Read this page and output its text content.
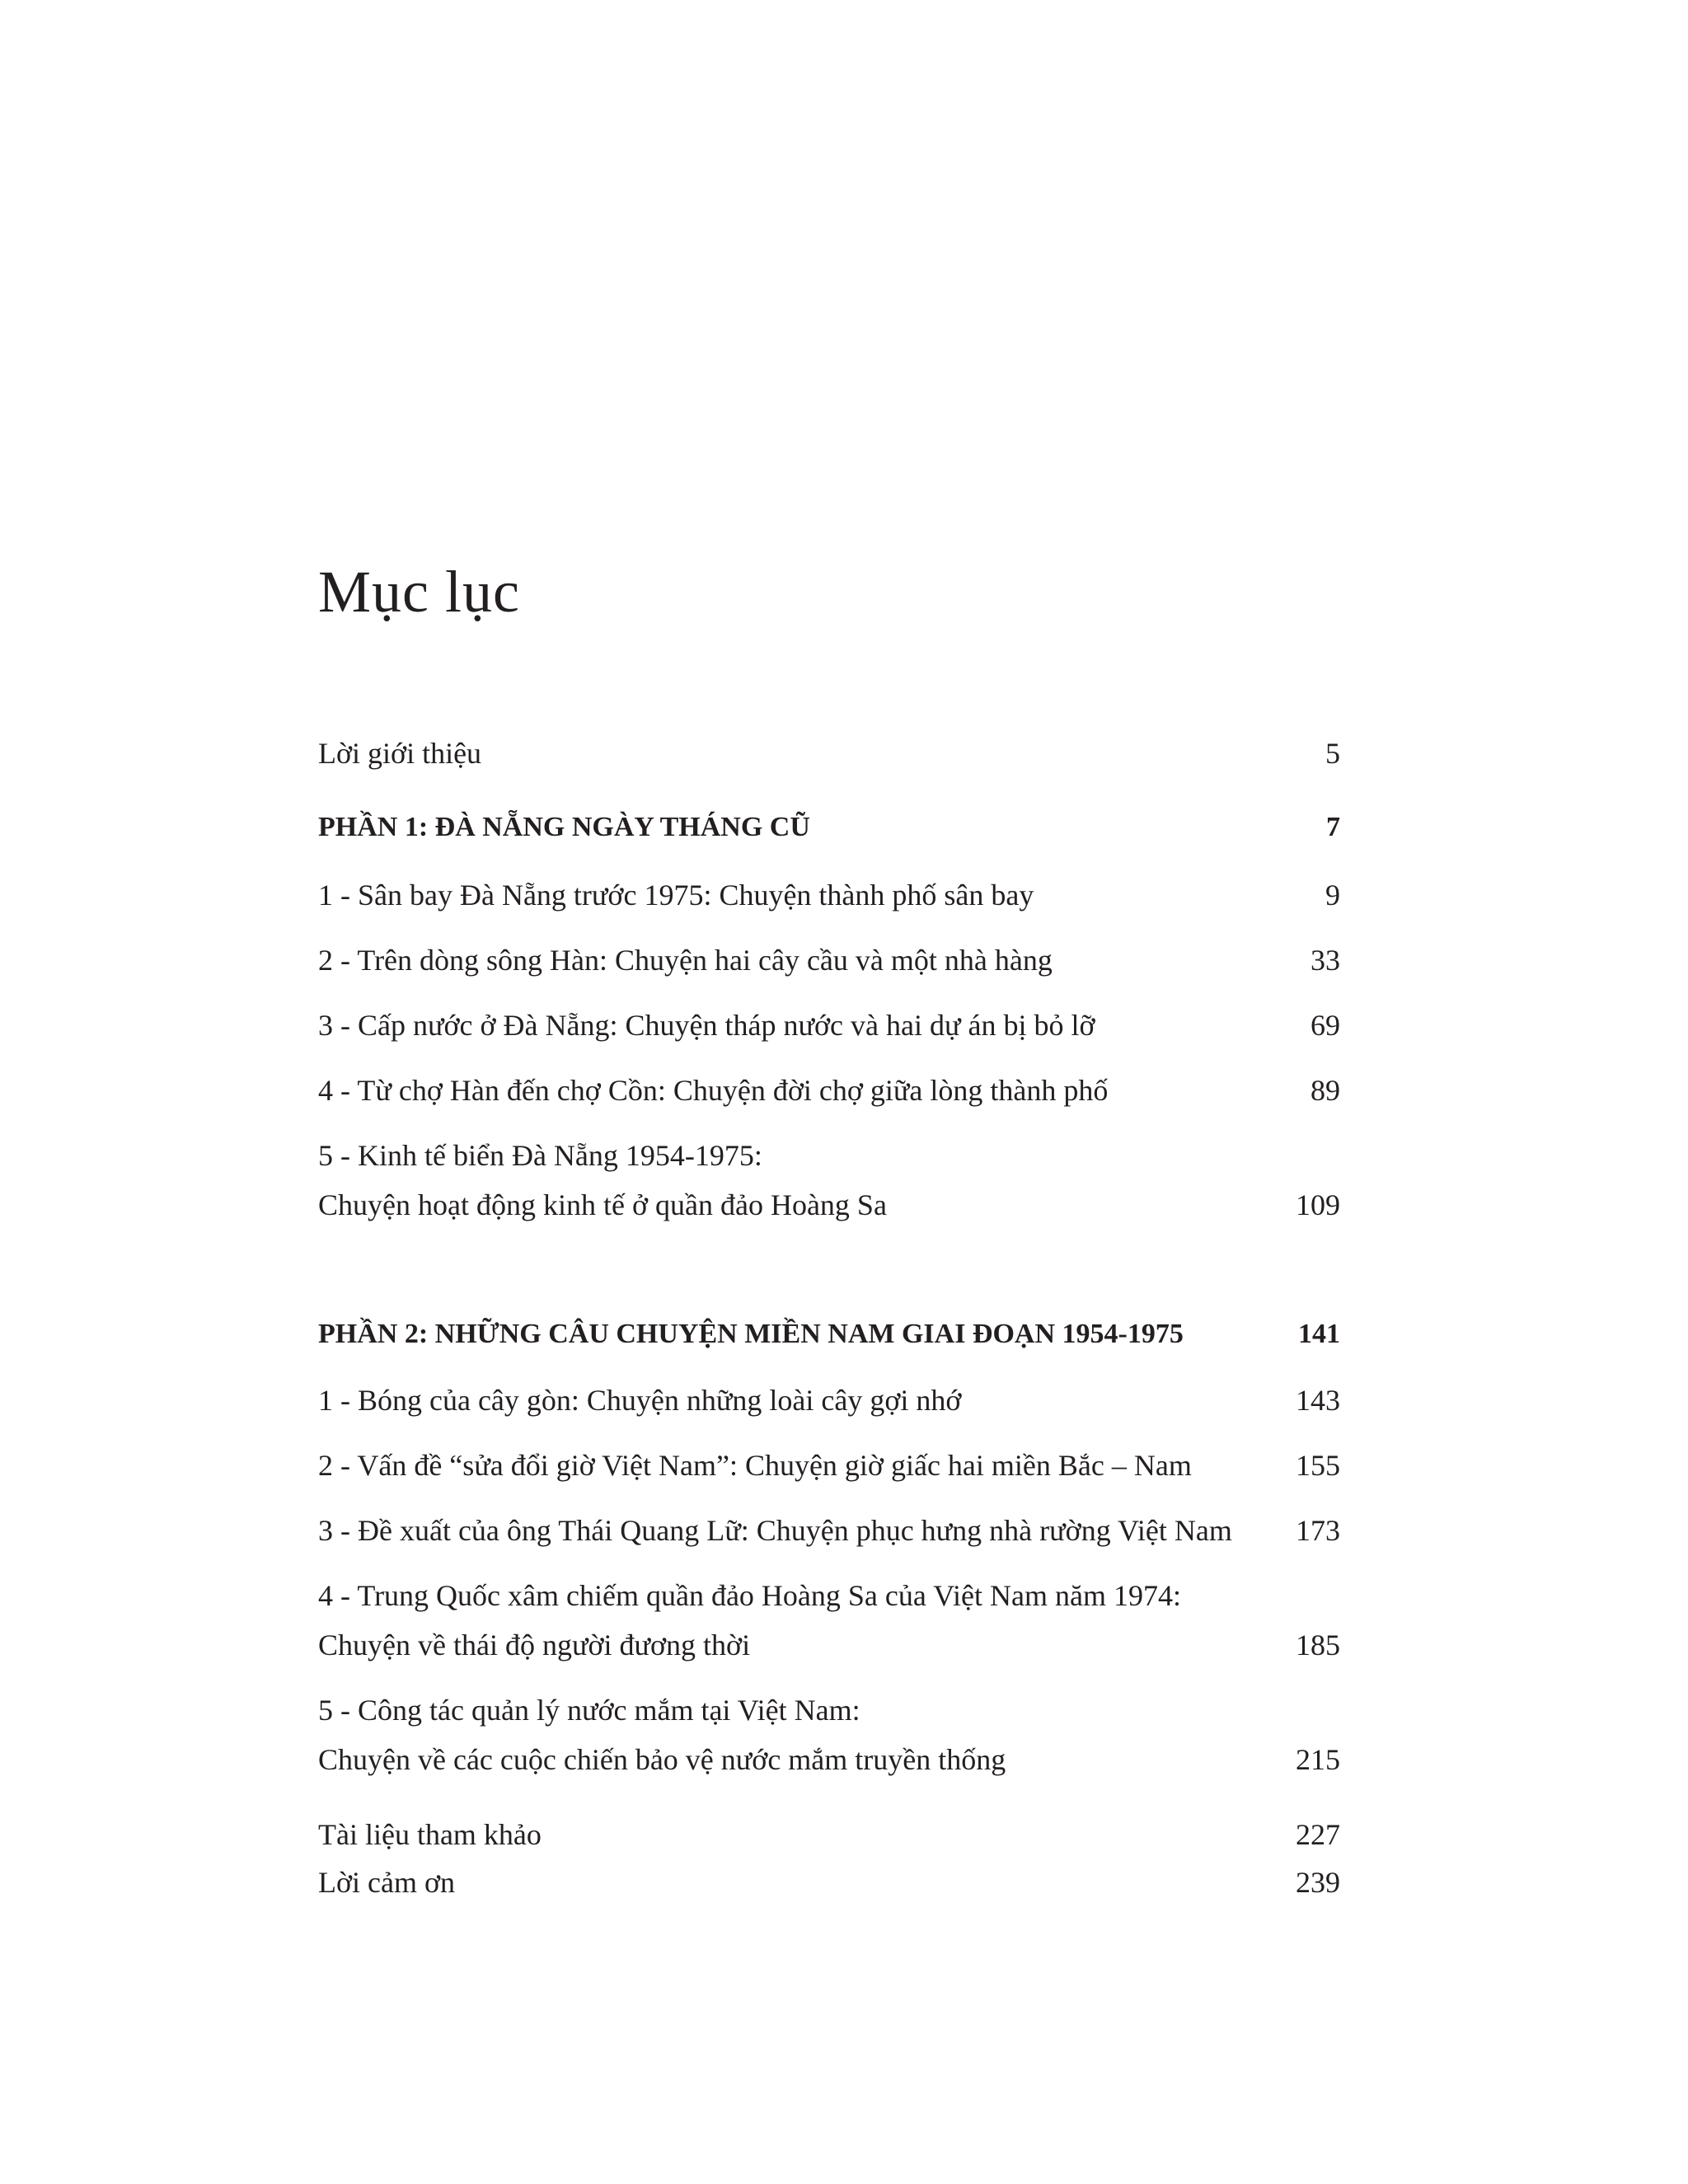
Mục lục
Lời giới thiệu	5
PHẦN 1: ĐÀ NẴNG NGÀY THÁNG CŨ	7
1 - Sân bay Đà Nẵng trước 1975: Chuyện thành phố sân bay	9
2 - Trên dòng sông Hàn: Chuyện hai cây cầu và một nhà hàng	33
3 - Cấp nước ở Đà Nẵng: Chuyện tháp nước và hai dự án bị bỏ lỡ	69
4 - Từ chợ Hàn đến chợ Cồn: Chuyện đời chợ giữa lòng thành phố	89
5 - Kinh tế biển Đà Nẵng 1954-1975:
Chuyện hoạt động kinh tế ở quần đảo Hoàng Sa	109
PHẦN 2: NHỮNG CÂU CHUYỆN MIỀN NAM GIAI ĐOẠN 1954-1975	141
1 - Bóng của cây gòn: Chuyện những loài cây gợi nhớ	143
2 - Vấn đề “sửa đổi giờ Việt Nam”: Chuyện giờ giấc hai miền Bắc – Nam	155
3 - Đề xuất của ông Thái Quang Lữ: Chuyện phục hưng nhà rường Việt Nam 173
4 - Trung Quốc xâm chiếm quần đảo Hoàng Sa của Việt Nam năm 1974:
Chuyện về thái độ người đương thời	185
5 - Công tác quản lý nước mắm tại Việt Nam:
Chuyện về các cuộc chiến bảo vệ nước mắm truyền thống	215
Tài liệu tham khảo	227
Lời cảm ơn	239
